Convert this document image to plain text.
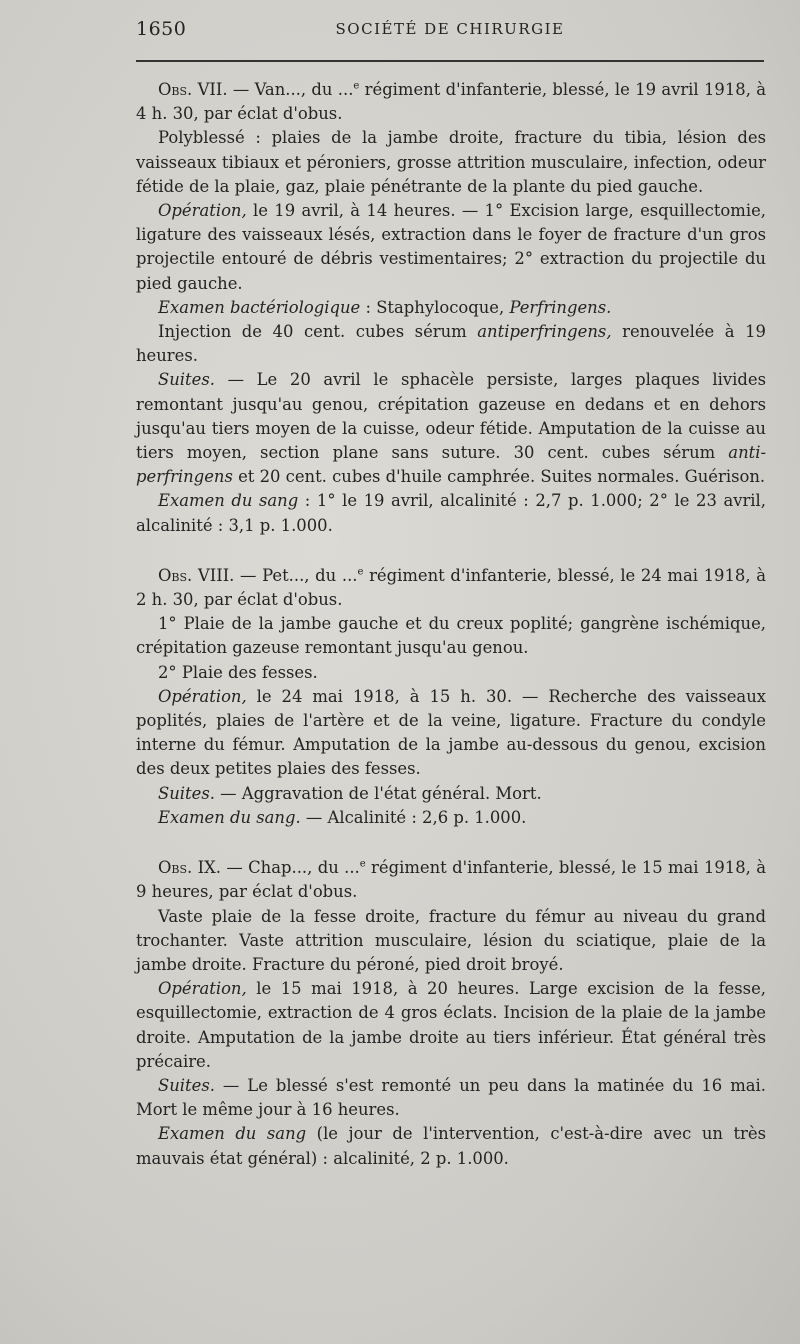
1650	SOCIÉTÉ DE CHIRURGIE

Obs. VII. — Van..., du ...$^e$ régiment d'infanterie, blessé, le 19 avril 1918, à 4 h. 30, par éclat d'obus.

Polyblessé : plaies de la jambe droite, fracture du tibia, lésion des vaisseaux tibiaux et péroniers, grosse attrition musculaire, infection, odeur fétide de la plaie, gaz, plaie pénétrante de la plante du pied gauche.

Opération, le 19 avril, à 14 heures. — 1° Excision large, esquillectomie, ligature des vaisseaux lésés, extraction dans le foyer de fracture d'un gros projectile entouré de débris vestimentaires; 2° extraction du projectile du pied gauche.

Examen bactériologique : Staphylocoque, Perfringens.

Injection de 40 cent. cubes sérum antiperfringens, renouvelée à 19 heures.

Suites. — Le 20 avril le sphacèle persiste, larges plaques livides remontant jusqu'au genou, crépitation gazeuse en dedans et en dehors jusqu'au tiers moyen de la cuisse, odeur fétide. Amputation de la cuisse au tiers moyen, section plane sans suture. 30 cent. cubes sérum anti-perfringens et 20 cent. cubes d'huile camphrée. Suites normales. Guérison.

Examen du sang : 1° le 19 avril, alcalinité : 2,7 p. 1.000; 2° le 23 avril, alcalinité : 3,1 p. 1.000.

Obs. VIII. — Pet..., du ...$^e$ régiment d'infanterie, blessé, le 24 mai 1918, à 2 h. 30, par éclat d'obus.

1° Plaie de la jambe gauche et du creux poplité; gangrène ischémique, crépitation gazeuse remontant jusqu'au genou.

2° Plaie des fesses.

Opération, le 24 mai 1918, à 15 h. 30. — Recherche des vaisseaux poplités, plaies de l'artère et de la veine, ligature. Fracture du condyle interne du fémur. Amputation de la jambe au-dessous du genou, excision des deux petites plaies des fesses.

Suites. — Aggravation de l'état général. Mort.

Examen du sang. — Alcalinité : 2,6 p. 1.000.

Obs. IX. — Chap..., du ...$^e$ régiment d'infanterie, blessé, le 15 mai 1918, à 9 heures, par éclat d'obus.

Vaste plaie de la fesse droite, fracture du fémur au niveau du grand trochanter. Vaste attrition musculaire, lésion du sciatique, plaie de la jambe droite. Fracture du péroné, pied droit broyé.

Opération, le 15 mai 1918, à 20 heures. Large excision de la fesse, esquillectomie, extraction de 4 gros éclats. Incision de la plaie de la jambe droite. Amputation de la jambe droite au tiers inférieur. État général très précaire.

Suites. — Le blessé s'est remonté un peu dans la matinée du 16 mai. Mort le même jour à 16 heures.

Examen du sang (le jour de l'intervention, c'est-à-dire avec un très mauvais état général) : alcalinité, 2 p. 1.000.
